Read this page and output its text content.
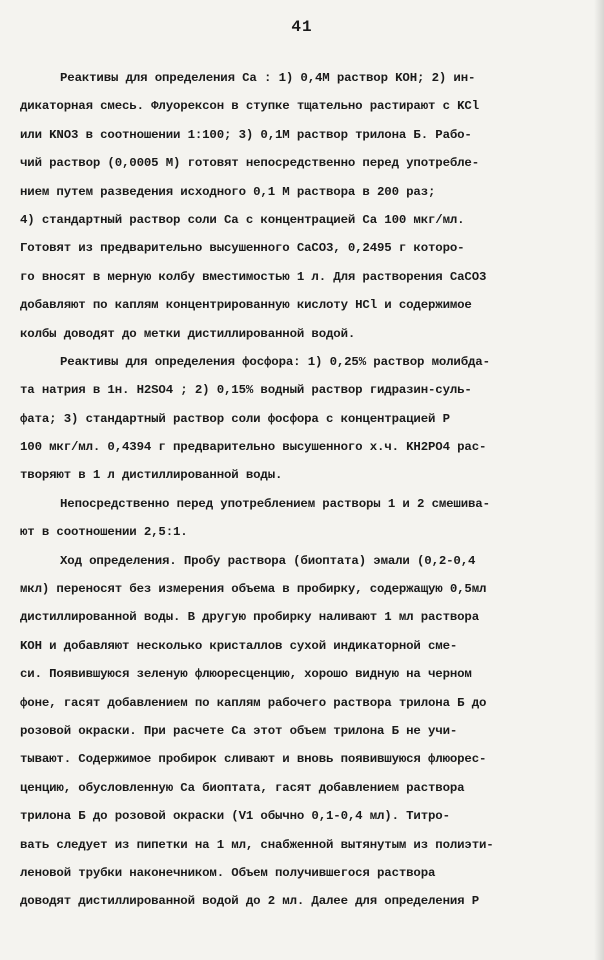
41
Реактивы для определения Ca : 1) 0,4М раствор KOH; 2) ин-
дикаторная смесь. Флуорексон в ступке тщательно растирают с KCl
или KNO3 в соотношении 1:100; 3) 0,1М раствор трилона Б. Рабо-
чий раствор (0,0005 М) готовят непосредственно перед употребле-
нием путем разведения исходного 0,1 М раствора в 200 раз;
4) стандартный раствор соли Ca с концентрацией Ca 100 мкг/мл.
Готовят из предварительно высушенного CaCO3, 0,2495 г которо-
го вносят в мерную колбу вместимостью 1 л. Для растворения CaCO3
добавляют по каплям концентрированную кислоту HCl и содержимое
колбы доводят до метки дистиллированной водой.
Реактивы для определения фосфора: 1) 0,25% раствор молибда-
та натрия в 1н. H2SO4 ; 2) 0,15% водный раствор гидразин-суль-
фата; 3) стандартный раствор соли фосфора с концентрацией P
100 мкг/мл. 0,4394 г предварительно высушенного х.ч. KH2PO4 рас-
творяют в 1 л дистиллированной воды.
Непосредственно перед употреблением растворы 1 и 2 смешива-
ют в соотношении 2,5:1.
Ход определения. Пробу раствора (биоптата) эмали (0,2-0,4
мкл) переносят без измерения объема в пробирку, содержащую 0,5мл
дистиллированной воды. В другую пробирку наливают 1 мл раствора
KOH и добавляют несколько кристаллов сухой индикаторной сме-
си. Появившуюся зеленую флюоресценцию, хорошо видную на черном
фоне, гасят добавлением по каплям рабочего раствора трилона Б до
розовой окраски. При расчете Ca этот объем трилона Б не учи-
тывают. Содержимое пробирок сливают и вновь появившуюся флюорес-
ценцию, обусловленную Ca биоптата, гасят добавлением раствора
трилона Б до розовой окраски (V1 обычно 0,1-0,4 мл). Титро-
вать следует из пипетки на 1 мл, снабженной вытянутым из полиэти-
леновой трубки наконечником. Объем получившегося раствора
доводят дистиллированной водой до 2 мл. Далее для определения P
